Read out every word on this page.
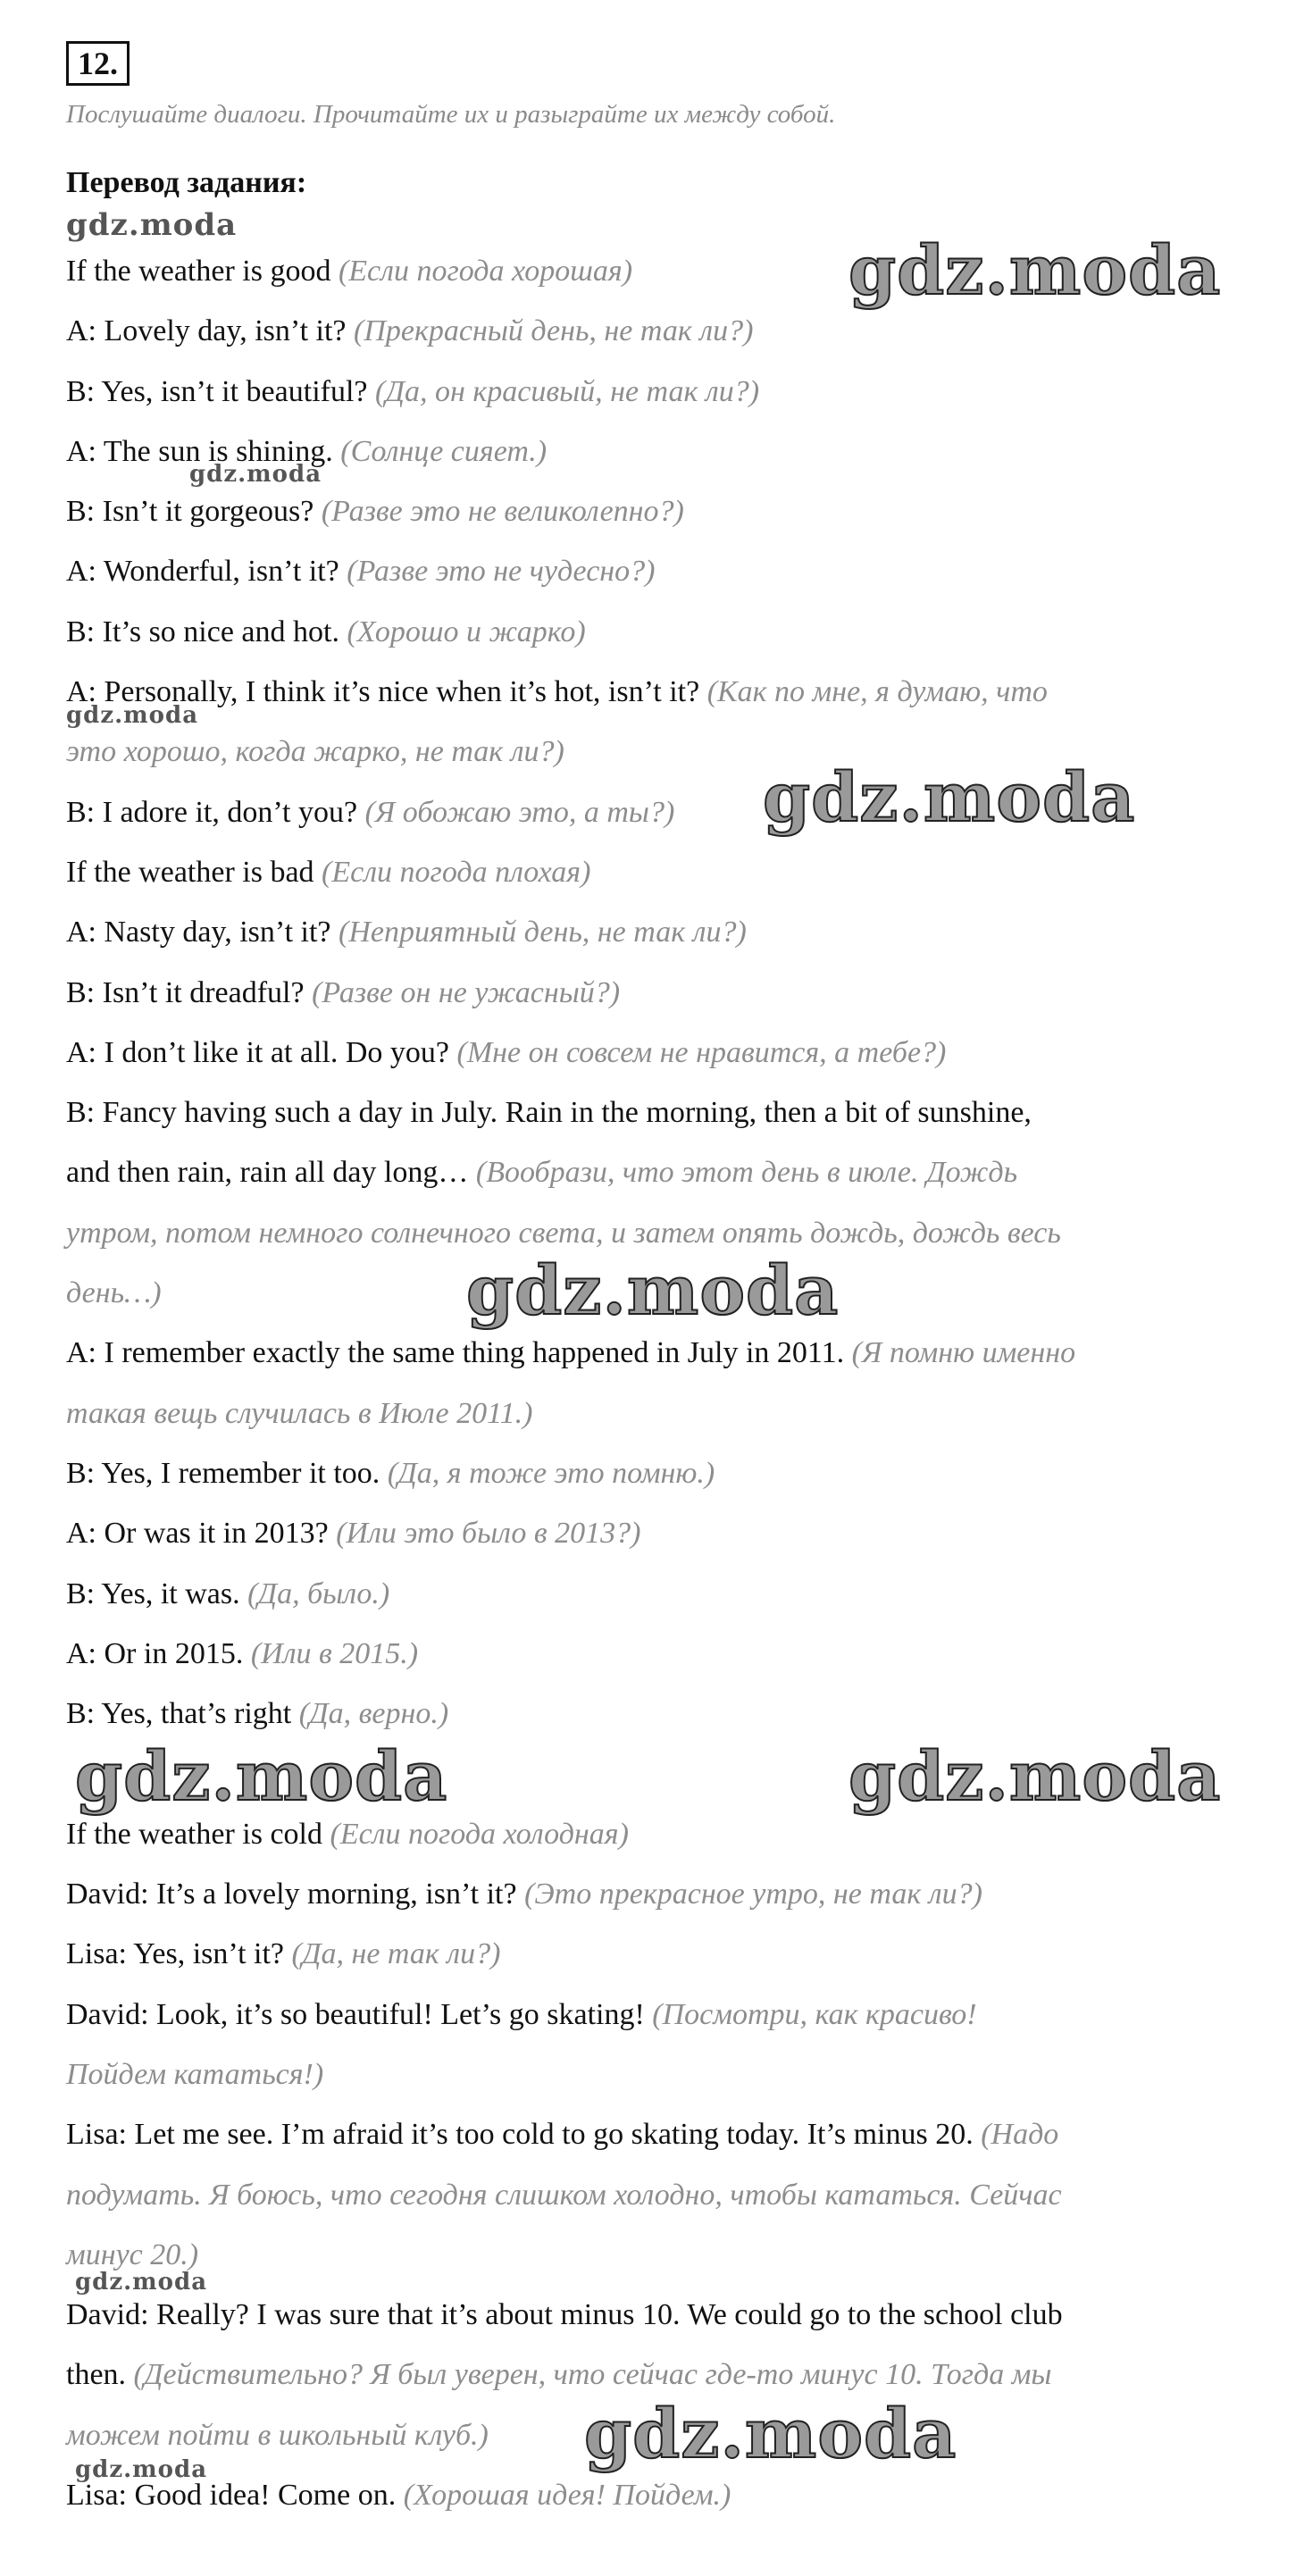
12.
Послушайте диалоги. Прочитайте их и разыграйте их между собой.
Перевод задания:
If the weather is good (Если погода хорошая)
A: Lovely day, isn’t it? (Прекрасный день, не так ли?)
B: Yes, isn’t it beautiful? (Да, он красивый, не так ли?)
A: The sun is shining. (Солнце сияет.)
B: Isn’t it gorgeous? (Разве это не великолепно?)
A: Wonderful, isn’t it? (Разве это не чудесно?)
B: It’s so nice and hot. (Хорошо и жарко)
A: Personally, I think it’s nice when it’s hot, isn’t it? (Как по мне, я думаю, что
это хорошо, когда жарко, не так ли?)
B: I adore it, don’t you? (Я обожаю это, а ты?)
If the weather is bad (Если погода плохая)
A: Nasty day, isn’t it? (Неприятный день, не так ли?)
B: Isn’t it dreadful? (Разве он не ужасный?)
A: I don’t like it at all. Do you? (Мне он совсем не нравится, а тебе?)
B: Fancy having such a day in July. Rain in the morning, then a bit of sunshine,
and then rain, rain all day long… (Вообрази, что этот день в июле. Дождь
утром, потом немного солнечного света, и затем опять дождь, дождь весь
день…)
A: I remember exactly the same thing happened in July in 2011. (Я помню именно
такая вещь случилась в Июле 2011.)
B: Yes, I remember it too. (Да, я тоже это помню.)
A: Or was it in 2013? (Или это было в 2013?)
B: Yes, it was. (Да, было.)
A: Or in 2015. (Или в 2015.)
B: Yes, that’s right (Да, верно.)
If the weather is cold (Если погода холодная)
David: It’s a lovely morning, isn’t it? (Это прекрасное утро, не так ли?)
Lisa: Yes, isn’t it? (Да, не так ли?)
David: Look, it’s so beautiful! Let’s go skating! (Посмотри, как красиво!
Пойдем кататься!)
Lisa: Let me see. I’m afraid it’s too cold to go skating today. It’s minus 20. (Надо
подумать. Я боюсь, что сегодня слишком холодно, чтобы кататься. Сейчас
минус 20.)
David: Really? I was sure that it’s about minus 10. We could go to the school club
then. (Действительно? Я был уверен, что сейчас где-то минус 10. Тогда мы
можем пойти в школьный клуб.)
Lisa: Good idea! Come on. (Хорошая идея! Пойдем.)
gdz.moda
gdz.moda
gdz.moda
gdz.moda
gdz.moda
gdz.moda
gdz.moda	gdz.moda
gdz.moda
gdz.moda
gdz.moda
